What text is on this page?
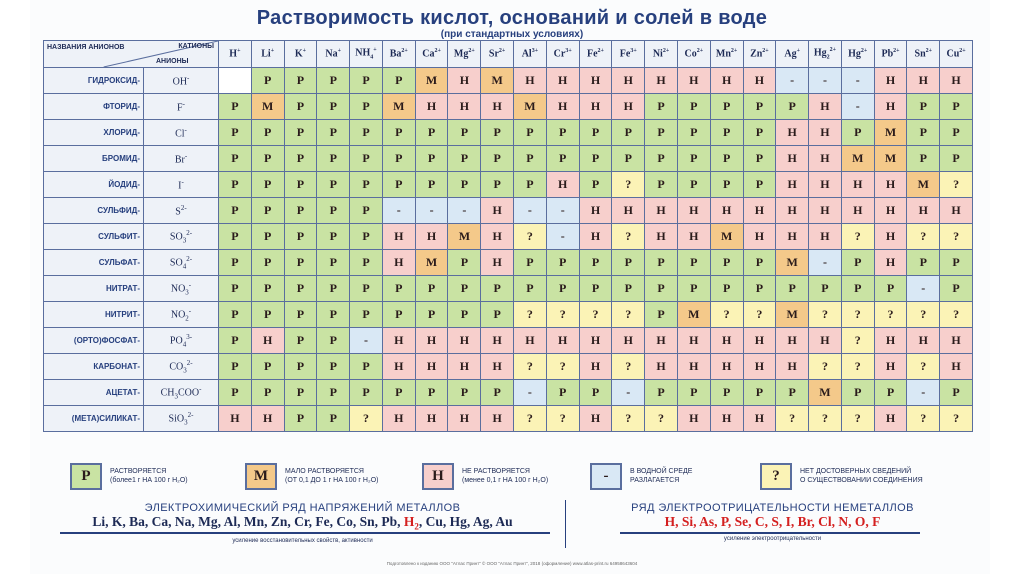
Растворимость кислот, оснований и солей в воде
(при стандартных условиях)
НАЗВАНИЯ АНИОНОВ КАТИОНЫ
АНИОНЫ		H+	Li+	K+	Na+	$NH_4^+$	$Ba^{2+}$	$Ca^{2+}$	$Mg^{2+}$	$Sr^{2+}$	$Al^{3+}$	$Cr^{3+}$	$Fe^{2+}$	$Fe^{3+}$	$Ni^{2+}$	$Co^{2+}$	$Mn^{2+}$	$Zn^{2+}$	Ag+	$Hg_2^{2+}$	$Hg^{2+}$	$Pb^{2+}$	$Sn^{2+}$	$Cu^{2+}$
ГИДРОКСИД-	OH-		Р	Р	Р	Р	Р	М	Н	М	Н	Н	Н	Н	Н	Н	Н	Н	-	-	-	Н	Н	Н
ФТОРИД-	F-	Р	М	Р	Р	Р	М	Н	Н	Н	М	Н	Н	Н	Р	Р	Р	Р	Р	Н	-	Н	Р	Р
ХЛОРИД-	Cl-	Р	Р	Р	Р	Р	Р	Р	Р	Р	Р	Р	Р	Р	Р	Р	Р	Р	Н	Н	Р	М	Р	Р
БРОМИД-	Br-	Р	Р	Р	Р	Р	Р	Р	Р	Р	Р	Р	Р	Р	Р	Р	Р	Р	Н	Н	М	М	Р	Р
ЙОДИД-	I-	Р	Р	Р	Р	Р	Р	Р	Р	Р	Р	Н	Р	?	Р	Р	Р	Р	Н	Н	Н	Н	М	?
СУЛЬФИД-	$S^{2-}$	Р	Р	Р	Р	Р	-	-	-	Н	-	-	Н	Н	Н	Н	Н	Н	Н	Н	Н	Н	Н	Н
СУЛЬФИТ-	$SO_3^{2-}$	Р	Р	Р	Р	Р	Н	Н	М	Н	?	-	Н	?	Н	Н	М	Н	Н	Н	?	Н	?	?
СУЛЬФАТ-	$SO_4^{2-}$	Р	Р	Р	Р	Р	Н	М	Р	Н	Р	Р	Р	Р	Р	Р	Р	Р	М	-	Р	Н	Р	Р
НИТРАТ-	$NO_3^-$	Р	Р	Р	Р	Р	Р	Р	Р	Р	Р	Р	Р	Р	Р	Р	Р	Р	Р	Р	Р	Р	-	Р
НИТРИТ-	$NO_2^-$	Р	Р	Р	Р	Р	Р	Р	Р	Р	?	?	?	?	Р	М	?	?	М	?	?	?	?	?
(ОРТО)ФОСФАТ-	$PO_4^{3-}$	Р	Н	Р	Р	-	Н	Н	Н	Н	Н	Н	Н	Н	Н	Н	Н	Н	Н	Н	?	Н	Н	Н
КАРБОНАТ-	$CO_3^{2-}$	Р	Р	Р	Р	Р	Н	Н	Н	Н	?	?	Н	?	Н	Н	Н	Н	Н	?	?	Н	?	Н
АЦЕТАТ-	$CH_3COO^-$	Р	Р	Р	Р	Р	Р	Р	Р	Р	-	Р	Р	-	Р	Р	Р	Р	Р	М	Р	Р	-	Р
(МЕТА)СИЛИКАТ-	SiO$_3^{2-}$	Н	Н	Р	Р	?	Н	Н	Н	Н	?	?	Н	?	?	Н	Н	Н	?	?	?	Н	?	?
Р	РАСТВОРЯЕТСЯ
(более1 г НА 100 г H₂O)	М	МАЛО РАСТВОРЯЕТСЯ
(ОТ 0,1 ДО 1 г НА 100 г H₂O)	Н	НЕ РАСТВОРЯЕТСЯ
(менее 0,1 г НА 100 г H₂O)	-	В ВОДНОЙ СРЕДЕ
РАЗЛАГАЕТСЯ	?	НЕТ ДОСТОВЕРНЫХ СВЕДЕНИЙ
О СУЩЕСТВОВАНИИ СОЕДИНЕНИЯ
ЭЛЕКТРОХИМИЧЕСКИЙ РЯД НАПРЯЖЕНИЙ МЕТАЛЛОВ
Li, K, Ba, Ca, Na, Mg, Al, Mn, Zn, Cr, Fe, Co, Sn, Pb, $H_2$, Cu, Hg, Ag, Au
усиление восстановительных свойств, активности
РЯД ЭЛЕКТРООТРИЦАТЕЛЬНОСТИ НЕМЕТАЛЛОВ
H, Si, As, P, Se, C, S, I, Br, Cl, N, O, F
усиление электроотрицательности
Подготовлено к изданию ООО "Атлас Принт" © ООО "Атлас Принт", 2018 (оформление) www.atlas-print.ru 64958643604
